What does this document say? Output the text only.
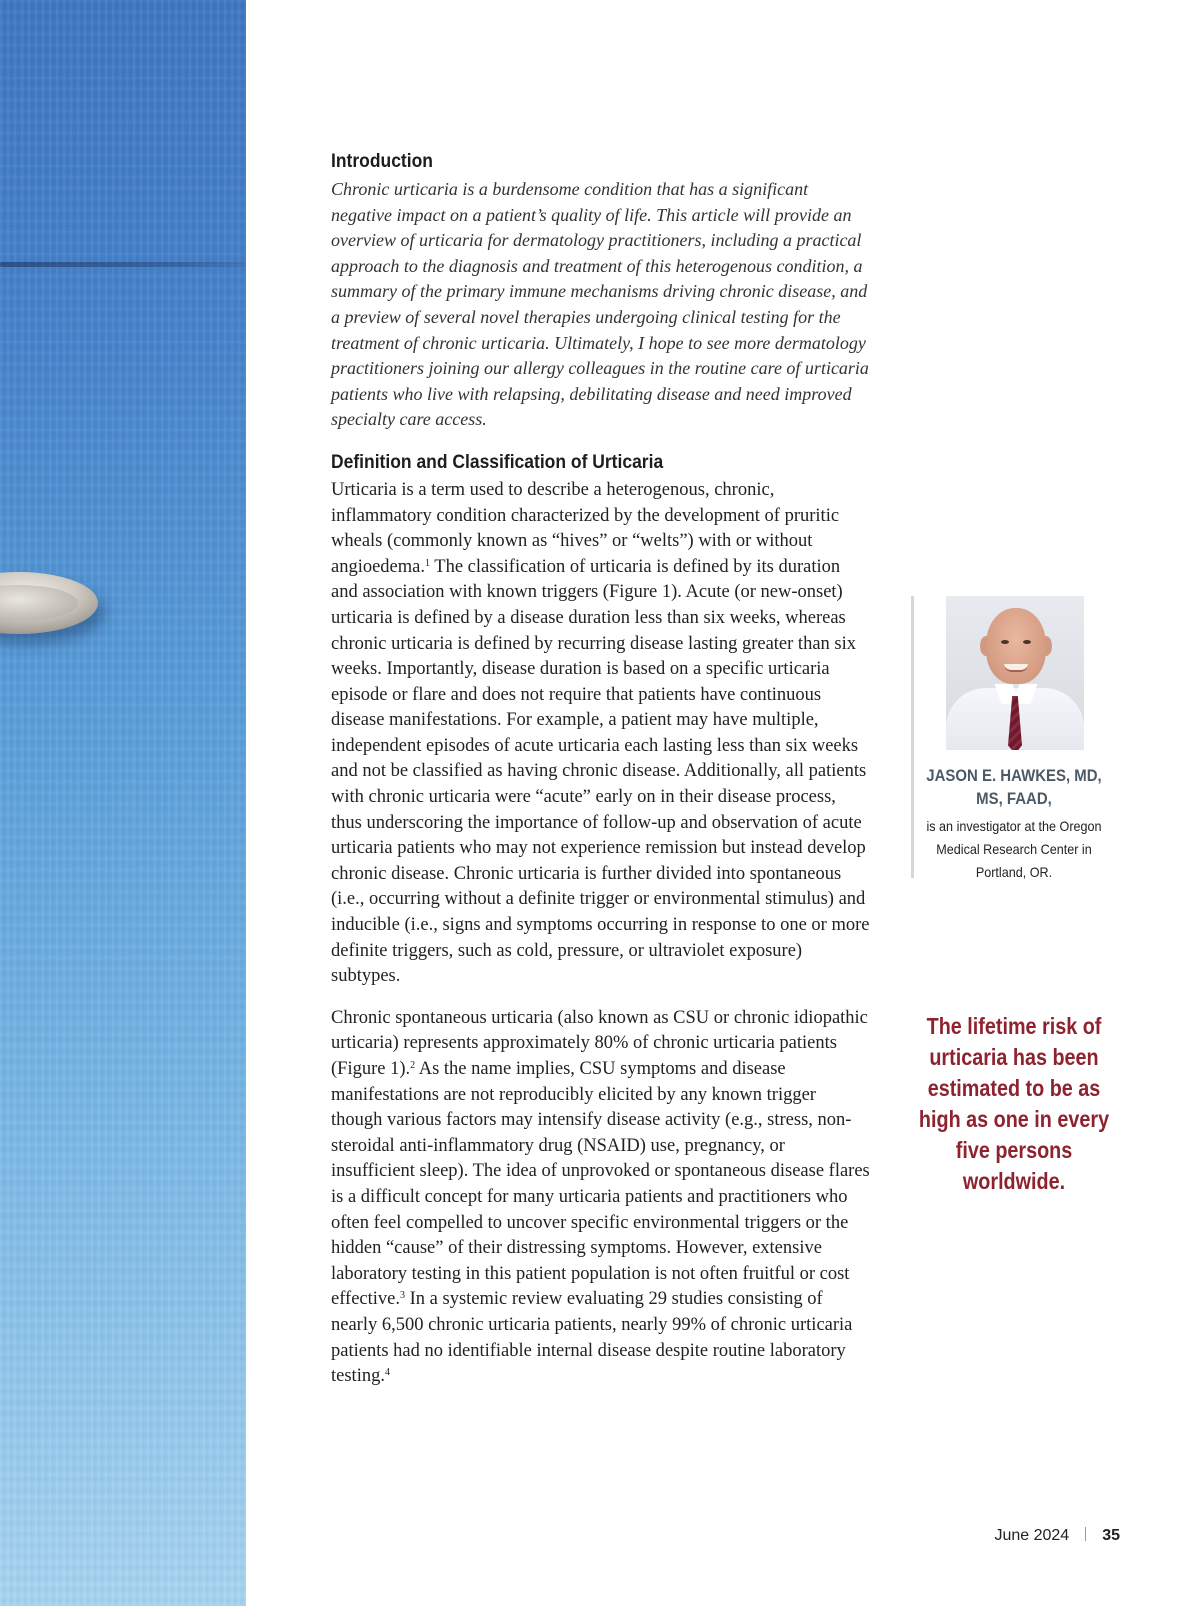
Introduction

Chronic urticaria is a burdensome condition that has a significant negative impact on a patient’s quality of life. This article will provide an overview of urticaria for dermatology practitioners, including a practical approach to the diagnosis and treatment of this heterogenous condition, a summary of the primary immune mechanisms driving chronic disease, and a preview of several novel therapies undergoing clinical testing for the treatment of chronic urticaria. Ultimately, I hope to see more dermatology practitioners joining our allergy colleagues in the routine care of urticaria patients who live with relapsing, debilitating disease and need improved specialty care access.

Definition and Classification of Urticaria

Urticaria is a term used to describe a heterogenous, chronic, inflammatory condition characterized by the development of pruritic wheals (commonly known as “hives” or “welts”) with or without angioedema.$^1$ The classification of urticaria is defined by its duration and association with known triggers (Figure 1). Acute (or new-onset) urticaria is defined by a disease duration less than six weeks, whereas chronic urticaria is defined by recurring disease lasting greater than six weeks. Importantly, disease duration is based on a specific urticaria episode or flare and does not require that patients have continuous disease manifestations. For example, a patient may have multiple, independent episodes of acute urticaria each lasting less than six weeks and not be classified as having chronic disease. Additionally, all patients with chronic urticaria were “acute” early on in their disease process, thus underscoring the importance of follow-up and observation of acute urticaria patients who may not experience remission but instead develop chronic disease. Chronic urticaria is further divided into spontaneous (i.e., occurring without a definite trigger or environmental stimulus) and inducible (i.e., signs and symptoms occurring in response to one or more definite triggers, such as cold, pressure, or ultraviolet exposure) subtypes.

Chronic spontaneous urticaria (also known as CSU or chronic idiopathic urticaria) represents approximately 80% of chronic urticaria patients (Figure 1).$^2$ As the name implies, CSU symptoms and disease manifestations are not reproducibly elicited by any known trigger though various factors may intensify disease activity (e.g., stress, non-steroidal anti-inflammatory drug (NSAID) use, pregnancy, or insufficient sleep). The idea of unprovoked or spontaneous disease flares is a difficult concept for many urticaria patients and practitioners who often feel compelled to uncover specific environmental triggers or the hidden “cause” of their distressing symptoms. However, extensive laboratory testing in this patient population is not often fruitful or cost effective.$^3$ In a systemic review evaluating 29 studies consisting of nearly 6,500 chronic urticaria patients, nearly 99% of chronic urticaria patients had no identifiable internal disease despite routine laboratory testing.$^4$

JASON E. HAWKES, MD, MS, FAAD,
is an investigator at the Oregon Medical Research Center in Portland, OR.
The lifetime risk of urticaria has been estimated to be as high as one in every five persons worldwide.
June 2024 35
